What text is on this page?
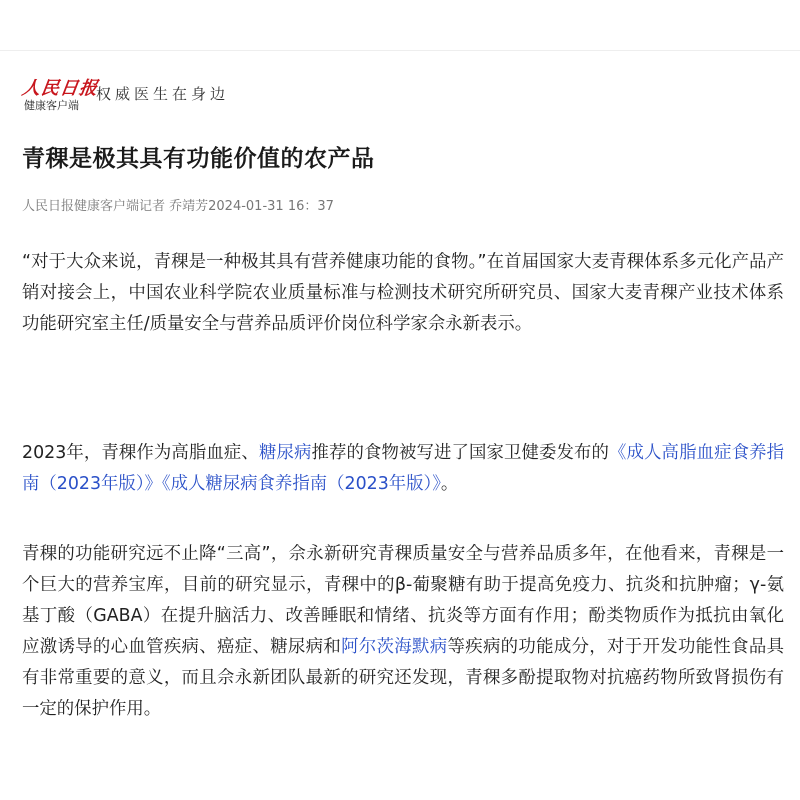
人民日报
健康客户端
权威医生在身边
青稞是极其具有功能价值的农产品
人民日报健康客户端记者 乔靖芳2024-01-31 16：37

“对于大众来说，青稞是一种极其具有营养健康功能的食物。”在首届国家大麦青稞体系多元化产品产销对接会上，中国农业科学院农业质量标准与检测技术研究所研究员、国家大麦青稞产业技术体系功能研究室主任/质量安全与营养品质评价岗位科学家佘永新表示。

2023年，青稞作为高脂血症、糖尿病推荐的食物被写进了国家卫健委发布的《成人高脂血症食养指南（2023年版）》《成人糖尿病食养指南（2023年版）》。

青稞的功能研究远不止降“三高”，佘永新研究青稞质量安全与营养品质多年，在他看来，青稞是一个巨大的营养宝库，目前的研究显示，青稞中的β-葡聚糖有助于提高免疫力、抗炎和抗肿瘤；γ-氨基丁酸（GABA）在提升脑活力、改善睡眠和情绪、抗炎等方面有作用；酚类物质作为抵抗由氧化应激诱导的心血管疾病、癌症、糖尿病和阿尔茨海默病等疾病的功能成分，对于开发功能性食品具有非常重要的意义，而且佘永新团队最新的研究还发现，青稞多酚提取物对抗癌药物所致肾损伤有一定的保护作用。
